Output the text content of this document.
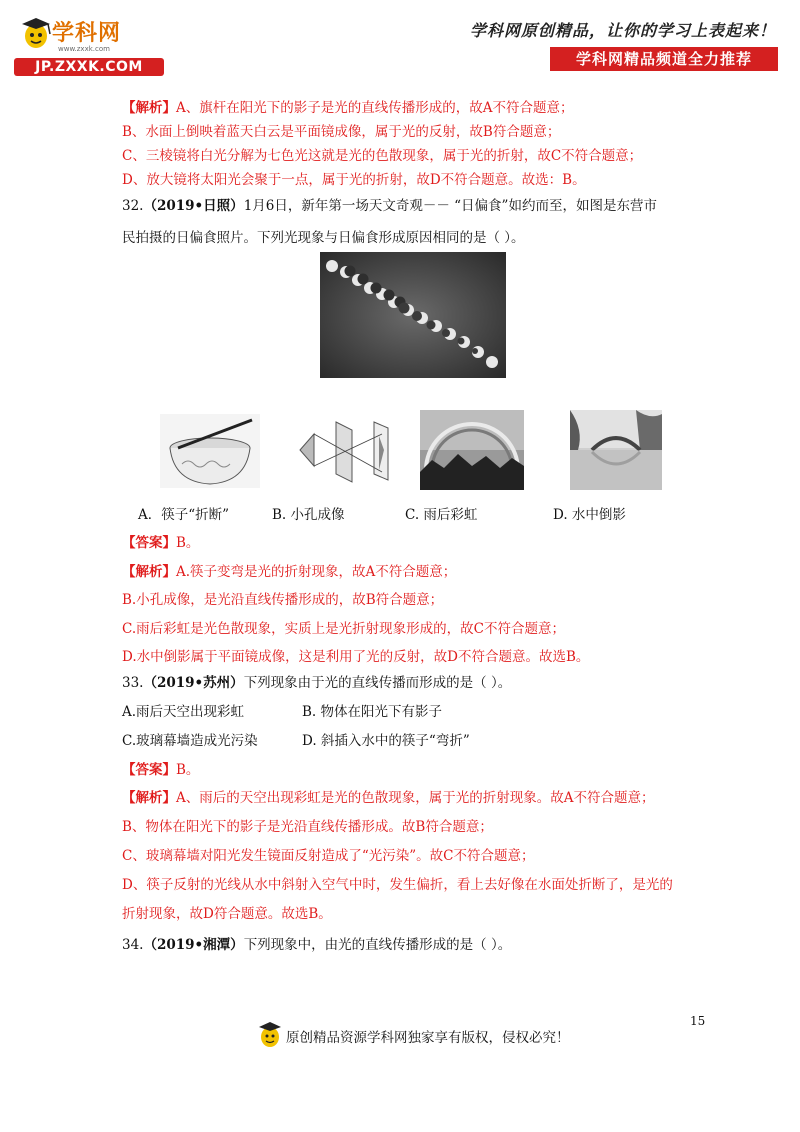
学科网
www.zxxk.com
JP.ZXXK.COM
学科网原创精品，让你的学习上表起来！
学科网精品频道全力推荐
【解析】A、旗杆在阳光下的影子是光的直线传播形成的，故A不符合题意；
B、水面上倒映着蓝天白云是平面镜成像，属于光的反射，故B符合题意；
C、三棱镜将白光分解为七色光这就是光的色散现象，属于光的折射，故C不符合题意；
D、放大镜将太阳光会聚于一点，属于光的折射，故D不符合题意。故选：B。
32.（2019•日照）1月6日，新年第一场天文奇观－－ “日偏食”如约而至，如图是东营市
民拍摄的日偏食照片。下列光现象与日偏食形成原因相同的是（ ）。
A．筷子“折断”	B. 小孔成像	C. 雨后彩虹	D. 水中倒影
【答案】B。
【解析】A.筷子变弯是光的折射现象，故A不符合题意；
B.小孔成像，是光沿直线传播形成的，故B符合题意；
C.雨后彩虹是光色散现象，实质上是光折射现象形成的，故C不符合题意；
D.水中倒影属于平面镜成像，这是利用了光的反射，故D不符合题意。故选B。
33.（2019•苏州）下列现象由于光的直线传播而形成的是（ ）。
A.雨后天空出现彩虹	B. 物体在阳光下有影子
C.玻璃幕墙造成光污染	D. 斜插入水中的筷子“弯折”
【答案】B。
【解析】A、雨后的天空出现彩虹是光的色散现象，属于光的折射现象。故A不符合题意；
B、物体在阳光下的影子是光沿直线传播形成。故B符合题意；
C、玻璃幕墙对阳光发生镜面反射造成了“光污染”。故C不符合题意；
D、筷子反射的光线从水中斜射入空气中时，发生偏折，看上去好像在水面处折断了，是光的
折射现象，故D符合题意。故选B。
34.（2019•湘潭）下列现象中，由光的直线传播形成的是（ ）。
15
原创精品资源学科网独家享有版权，侵权必究！
